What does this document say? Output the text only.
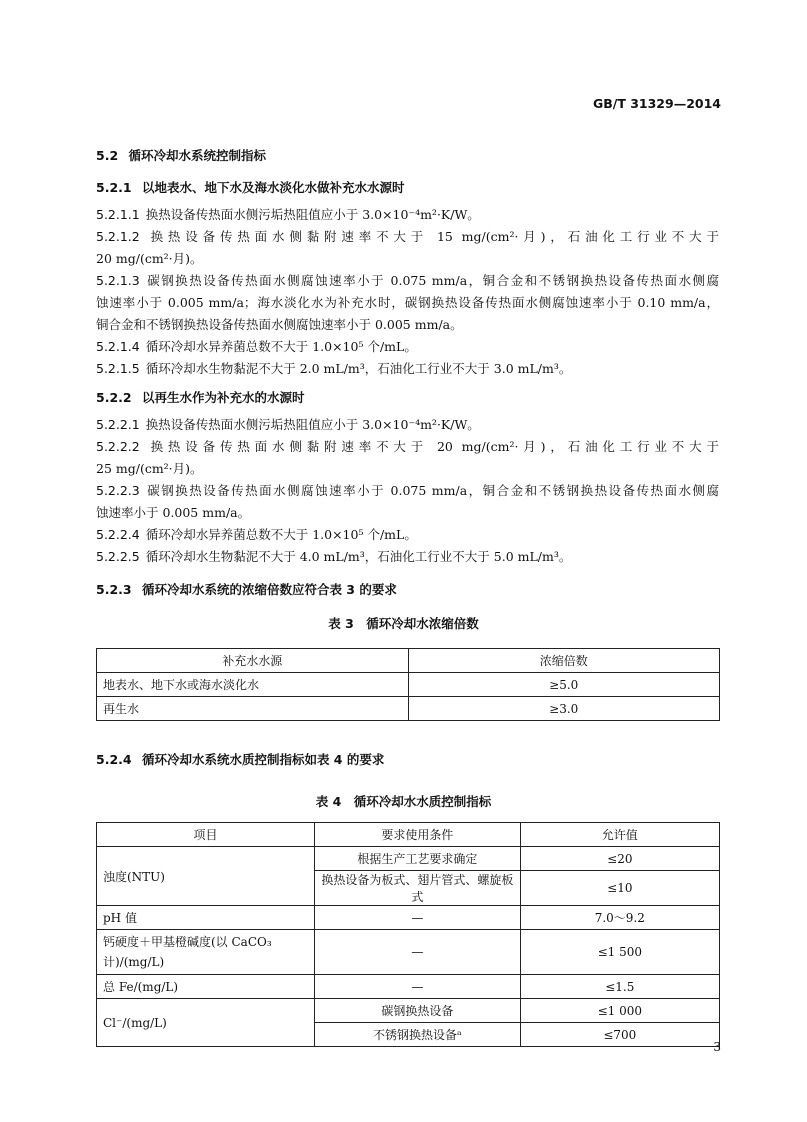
GB/T 31329—2014
5.2 循环冷却水系统控制指标
5.2.1 以地表水、地下水及海水淡化水做补充水水源时
5.2.1.1 换热设备传热面水侧污垢热阻值应小于 3.0×10⁻⁴m²·K/W。
5.2.1.2 换热设备传热面水侧黏附速率不大于 15 mg/(cm²·月)，石油化工行业不大于
20 mg/(cm²·月)。
5.2.1.3 碳钢换热设备传热面水侧腐蚀速率小于 0.075 mm/a，铜合金和不锈钢换热设备传热面水侧腐
蚀速率小于 0.005 mm/a；海水淡化水为补充水时，碳钢换热设备传热面水侧腐蚀速率小于 0.10 mm/a，
铜合金和不锈钢换热设备传热面水侧腐蚀速率小于 0.005 mm/a。
5.2.1.4 循环冷却水异养菌总数不大于 1.0×10⁵ 个/mL。
5.2.1.5 循环冷却水生物黏泥不大于 2.0 mL/m³，石油化工行业不大于 3.0 mL/m³。
5.2.2 以再生水作为补充水的水源时
5.2.2.1 换热设备传热面水侧污垢热阻值应小于 3.0×10⁻⁴m²·K/W。
5.2.2.2 换热设备传热面水侧黏附速率不大于 20 mg/(cm²·月)，石油化工行业不大于
25 mg/(cm²·月)。
5.2.2.3 碳钢换热设备传热面水侧腐蚀速率小于 0.075 mm/a，铜合金和不锈钢换热设备传热面水侧腐
蚀速率小于 0.005 mm/a。
5.2.2.4 循环冷却水异养菌总数不大于 1.0×10⁵ 个/mL。
5.2.2.5 循环冷却水生物黏泥不大于 4.0 mL/m³，石油化工行业不大于 5.0 mL/m³。
5.2.3 循环冷却水系统的浓缩倍数应符合表 3 的要求
表 3　循环冷却水浓缩倍数
补充水水源	浓缩倍数
地表水、地下水或海水淡化水	≥5.0
再生水	≥3.0
5.2.4 循环冷却水系统水质控制指标如表 4 的要求
表 4　循环冷却水水质控制指标
项目	要求使用条件	允许值
浊度(NTU)	根据生产工艺要求确定	≤20
	换热设备为板式、翅片管式、螺旋板式	≤10
pH 值	—	7.0～9.2

钙硬度＋甲基橙碱度(以 CaCO₃
计)/(mg/L)	—	≤1 500
总 Fe/(mg/L)	—	≤1.5
Cl⁻/(mg/L)	碳钢换热设备	≤1 000
	不锈钢换热设备ᵃ	≤700
3
